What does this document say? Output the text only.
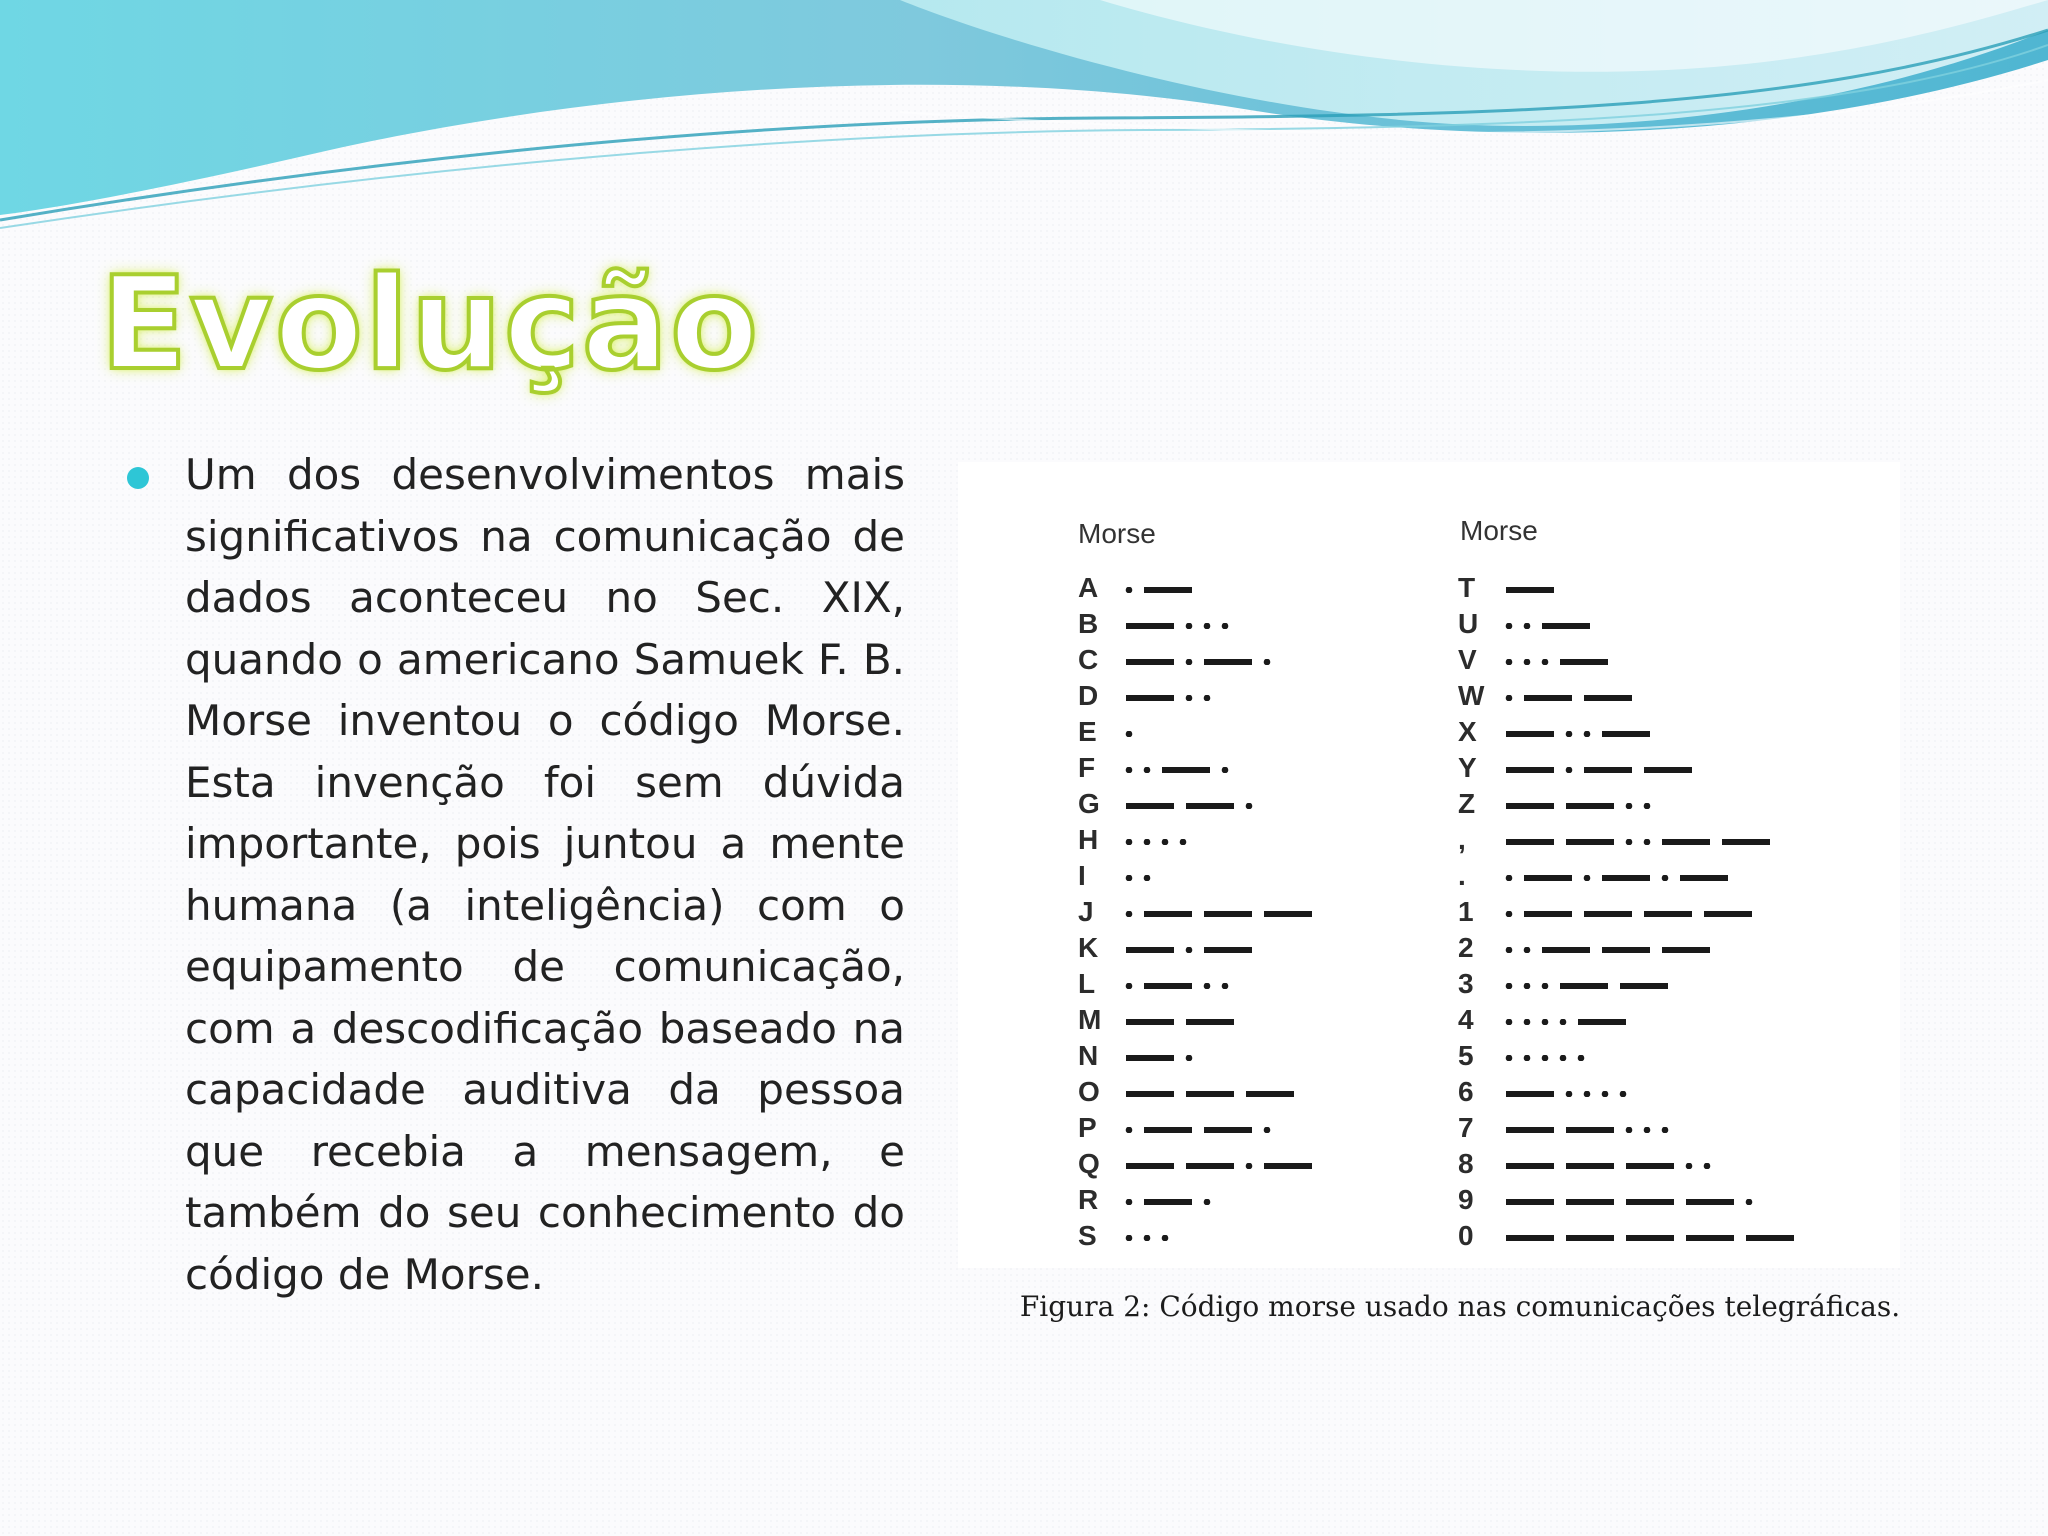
Evolução

Um dos desenvolvimentos mais significativos na comunicação de dados aconteceu no Sec. XIX, quando o americano Samuek F. B. Morse inventou o código Morse. Esta invenção foi sem dúvida importante, pois juntou a mente humana (a inteligência) com o equipamento de comunicação, com a descodificação baseado na capacidade auditiva da pessoa que recebia a mensagem, e também do seu conhecimento do código de Morse.

Morse	Morse
A
B
C
D
E
F
G
H
I
J
K
L
M
N
O
P
Q
R
S
T
U
V
W
X
Y
Z
,
.
1
2
3
4
5
6
7
8
9
0

Figura 2: Código morse usado nas comunicações telegráficas.
